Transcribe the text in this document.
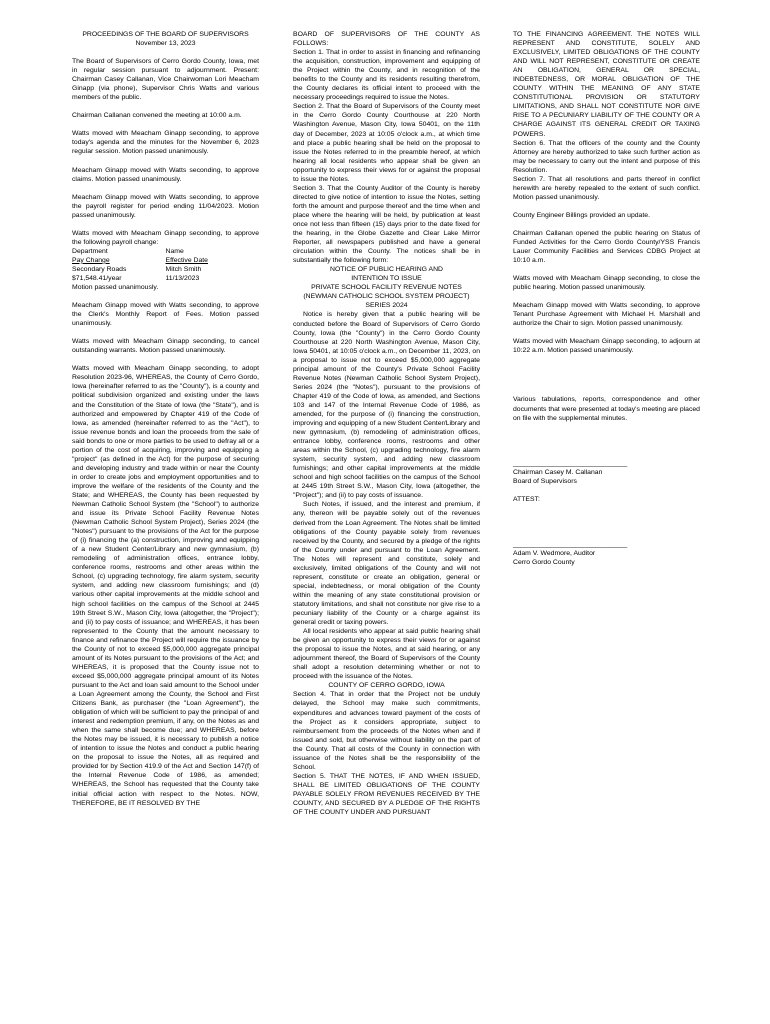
PROCEEDINGS OF THE BOARD OF SUPERVISORS

November 13, 2023

The Board of Supervisors of Cerro Gordo County, Iowa, met in regular session pursuant to adjournment. Present: Chairman Casey Callanan, Vice Chairwoman Lori Meacham Ginapp (via phone), Supervisor Chris Watts and various members of the public.

Chairman Callanan convened the meeting at 10:00 a.m.

Watts moved with Meacham Ginapp seconding, to approve today's agenda and the minutes for the November 6, 2023 regular session. Motion passed unanimously.

Meacham Ginapp moved with Watts seconding, to approve claims. Motion passed unanimously.

Meacham Ginapp moved with Watts seconding, to approve the payroll register for period ending 11/04/2023. Motion passed unanimously.

Watts moved with Meacham Ginapp seconding, to approve the following payroll change:

Department	Name
Pay Change	Effective Date
Secondary Roads	Mitch Smith
$71,548.41/year	11/13/2023

Motion passed unanimously.

Meacham Ginapp moved with Watts seconding, to approve the Clerk's Monthly Report of Fees. Motion passed unanimously.

Watts moved with Meacham Ginapp seconding, to cancel outstanding warrants. Motion passed unanimously.

Watts moved with Meacham Ginapp seconding, to adopt Resolution 2023-96, WHEREAS, the County of Cerro Gordo, Iowa (hereinafter referred to as the "County"), is a county and political subdivision organized and existing under the laws and the Constitution of the State of Iowa (the "State"), and is authorized and empowered by Chapter 419 of the Code of Iowa, as amended (hereinafter referred to as the "Act"), to issue revenue bonds and loan the proceeds from the sale of said bonds to one or more parties to be used to defray all or a portion of the cost of acquiring, improving and equipping a "project" (as defined in the Act) for the purpose of securing and developing industry and trade within or near the County in order to create jobs and employment opportunities and to improve the welfare of the residents of the County and the State; and WHEREAS, the County has been requested by Newman Catholic School System (the "School") to authorize and issue its Private School Facility Revenue Notes (Newman Catholic School System Project), Series 2024 (the "Notes") pursuant to the provisions of the Act for the purpose of (i) financing the (a) construction, improving and equipping of a new Student Center/Library and new gymnasium, (b) remodeling of administration offices, entrance lobby, conference rooms, restrooms and other areas within the School, (c) upgrading technology, fire alarm system, security system, and adding new classroom furnishings; and (d) various other capital improvements at the middle school and high school facilities on the campus of the School at 2445 19th Street S.W., Mason City, Iowa (altogether, the "Project"); and (ii) to pay costs of issuance; and WHEREAS, it has been represented to the County that the amount necessary to finance and refinance the Project will require the issuance by the County of not to exceed $5,000,000 aggregate principal amount of its Notes pursuant to the provisions of the Act; and WHEREAS, it is proposed that the County issue not to exceed $5,000,000 aggregate principal amount of its Notes pursuant to the Act and loan said amount to the School under a Loan Agreement among the County, the School and First Citizens Bank, as purchaser (the "Loan Agreement"), the obligation of which will be sufficient to pay the principal of and interest and redemption premium, if any, on the Notes as and when the same shall become due; and WHEREAS, before the Notes may be issued, it is necessary to publish a notice of intention to issue the Notes and conduct a public hearing on the proposal to issue the Notes, all as required and provided for by Section 419.9 of the Act and Section 147(f) of the Internal Revenue Code of 1986, as amended; WHEREAS, the School has requested that the County take initial official action with respect to the Notes. NOW, THEREFORE, BE IT RESOLVED BY THE

BOARD OF SUPERVISORS OF THE COUNTY AS FOLLOWS:

Section 1. That in order to assist in financing and refinancing the acquisition, construction, improvement and equipping of the Project within the County, and in recognition of the benefits to the County and its residents resulting therefrom, the County declares its official intent to proceed with the necessary proceedings required to issue the Notes.

Section 2. That the Board of Supervisors of the County meet in the Cerro Gordo County Courthouse at 220 North Washington Avenue, Mason City, Iowa 50401, on the 11th day of December, 2023 at 10:05 o'clock a.m., at which time and place a public hearing shall be held on the proposal to issue the Notes referred to in the preamble hereof, at which hearing all local residents who appear shall be given an opportunity to express their views for or against the proposal to issue the Notes.

Section 3. That the County Auditor of the County is hereby directed to give notice of intention to issue the Notes, setting forth the amount and purpose thereof and the time when and place where the hearing will be held, by publication at least once not less than fifteen (15) days prior to the date fixed for the hearing, in the Globe Gazette and Clear Lake Mirror Reporter, all newspapers published and have a general circulation within the County. The notices shall be in substantially the following form:

NOTICE OF PUBLIC HEARING AND

INTENTION TO ISSUE

PRIVATE SCHOOL FACILITY REVENUE NOTES

(NEWMAN CATHOLIC SCHOOL SYSTEM PROJECT)

SERIES 2024

Notice is hereby given that a public hearing will be conducted before the Board of Supervisors of Cerro Gordo County, Iowa (the "County") in the Cerro Gordo County Courthouse at 220 North Washington Avenue, Mason City, Iowa 50401, at 10:05 o'clock a.m., on December 11, 2023, on a proposal to issue not to exceed $5,000,000 aggregate principal amount of the County's Private School Facility Revenue Notes (Newman Catholic School System Project), Series 2024 (the "Notes"), pursuant to the provisions of Chapter 419 of the Code of Iowa, as amended, and Sections 103 and 147 of the Internal Revenue Code of 1986, as amended, for the purpose of (i) financing the construction, improving and equipping of a new Student Center/Library and new gymnasium, (b) remodeling of administration offices, entrance lobby, conference rooms, restrooms and other areas within the School, (c) upgrading technology, fire alarm system, security system, and adding new classroom furnishings; and other capital improvements at the middle school and high school facilities on the campus of the School at 2445 19th Street S.W., Mason City, Iowa (altogether, the "Project"); and (ii) to pay costs of issuance.

Such Notes, if issued, and the interest and premium, if any, thereon will be payable solely out of the revenues derived from the Loan Agreement. The Notes shall be limited obligations of the County payable solely from revenues received by the County, and secured by a pledge of the rights of the County under and pursuant to the Loan Agreement. The Notes will represent and constitute, solely and exclusively, limited obligations of the County and will not represent, constitute or create an obligation, general or special, indebtedness, or moral obligation of the County within the meaning of any state constitutional provision or statutory limitations, and shall not constitute nor give rise to a pecuniary liability of the County or a charge against its general credit or taxing powers.

All local residents who appear at said public hearing shall be given an opportunity to express their views for or against the proposal to issue the Notes, and at said hearing, or any adjournment thereof, the Board of Supervisors of the County shall adopt a resolution determining whether or not to proceed with the issuance of the Notes.

COUNTY OF CERRO GORDO, IOWA

Section 4. That in order that the Project not be unduly delayed, the School may make such commitments, expenditures and advances toward payment of the costs of the Project as it considers appropriate, subject to reimbursement from the proceeds of the Notes when and if issued and sold, but otherwise without liability on the part of the County. That all costs of the County in connection with issuance of the Notes shall be the responsibility of the School.

Section 5. THAT THE NOTES, IF AND WHEN ISSUED, SHALL BE LIMITED OBLIGATIONS OF THE COUNTY PAYABLE SOLELY FROM REVENUES RECEIVED BY THE COUNTY, AND SECURED BY A PLEDGE OF THE RIGHTS OF THE COUNTY UNDER AND PURSUANT

TO THE FINANCING AGREEMENT. THE NOTES WILL REPRESENT AND CONSTITUTE, SOLELY AND EXCLUSIVELY, LIMITED OBLIGATIONS OF THE COUNTY AND WILL NOT REPRESENT, CONSTITUTE OR CREATE AN OBLIGATION, GENERAL OR SPECIAL, INDEBTEDNESS, OR MORAL OBLIGATION OF THE COUNTY WITHIN THE MEANING OF ANY STATE CONSTITUTIONAL PROVISION OR STATUTORY LIMITATIONS, AND SHALL NOT CONSTITUTE NOR GIVE RISE TO A PECUNIARY LIABILITY OF THE COUNTY OR A CHARGE AGAINST ITS GENERAL CREDIT OR TAXING POWERS.

Section 6. That the officers of the county and the County Attorney are hereby authorized to take such further action as may be necessary to carry out the intent and purpose of this Resolution.

Section 7. That all resolutions and parts thereof in conflict herewith are hereby repealed to the extent of such conflict. Motion passed unanimously.

County Engineer Billings provided an update.

Chairman Callanan opened the public hearing on Status of Funded Activities for the Cerro Gordo County/YSS Francis Lauer Community Facilities and Services CDBG Project at 10:10 a.m.

Watts moved with Meacham Ginapp seconding, to close the public hearing. Motion passed unanimously.

Meacham Ginapp moved with Watts seconding, to approve Tenant Purchase Agreement with Michael H. Marshall and authorize the Chair to sign. Motion passed unanimously.

Watts moved with Meacham Ginapp seconding, to adjourn at 10:22 a.m. Motion passed unanimously.

Various tabulations, reports, correspondence and other documents that were presented at today's meeting are placed on file with the supplemental minutes.

______________________________

Chairman Casey M. Callanan

Board of Supervisors

ATTEST:

______________________________

Adam V. Wedmore, Auditor

Cerro Gordo County
